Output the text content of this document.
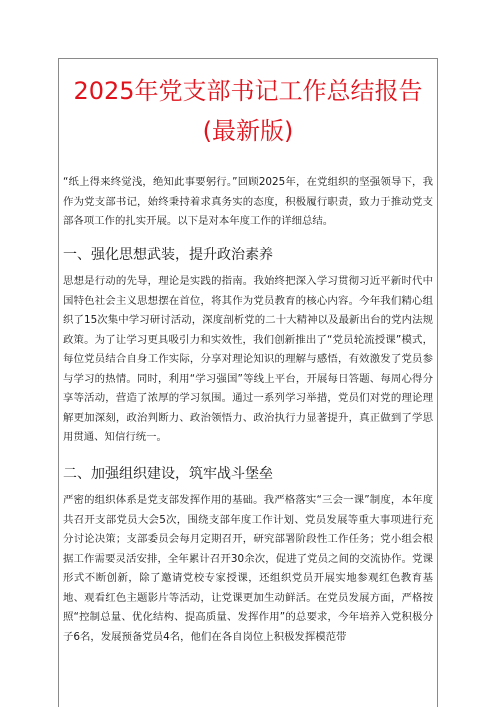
2025年党支部书记工作总结报告
(最新版)

“纸上得来终觉浅，绝知此事要躬行。”回顾2025年，在党组织的坚强领导下，我作为党支部书记，始终秉持着求真务实的态度，积极履行职责，致力于推动党支部各项工作的扎实开展。以下是对本年度工作的详细总结。

一、强化思想武装，提升政治素养

思想是行动的先导，理论是实践的指南。我始终把深入学习贯彻习近平新时代中国特色社会主义思想摆在首位，将其作为党员教育的核心内容。今年我们精心组织了15次集中学习研讨活动，深度剖析党的二十大精神以及最新出台的党内法规政策。为了让学习更具吸引力和实效性，我们创新推出了“党员轮流授课”模式，每位党员结合自身工作实际，分享对理论知识的理解与感悟，有效激发了党员参与学习的热情。同时，利用“学习强国”等线上平台，开展每日答题、每周心得分享等活动，营造了浓厚的学习氛围。通过一系列学习举措，党员们对党的理论理解更加深刻，政治判断力、政治领悟力、政治执行力显著提升，真正做到了学思用贯通、知信行统一。

二、加强组织建设，筑牢战斗堡垒

严密的组织体系是党支部发挥作用的基础。我严格落实“三会一课”制度，本年度共召开支部党员大会5次，围绕支部年度工作计划、党员发展等重大事项进行充分讨论决策；支部委员会每月定期召开，研究部署阶段性工作任务；党小组会根据工作需要灵活安排，全年累计召开30余次，促进了党员之间的交流协作。党课形式不断创新，除了邀请党校专家授课，还组织党员开展实地参观红色教育基地、观看红色主题影片等活动，让党课更加生动鲜活。在党员发展方面，严格按照“控制总量、优化结构、提高质量、发挥作用”的总要求，今年培养入党积极分子6名，发展预备党员4名，他们在各自岗位上积极发挥模范带
